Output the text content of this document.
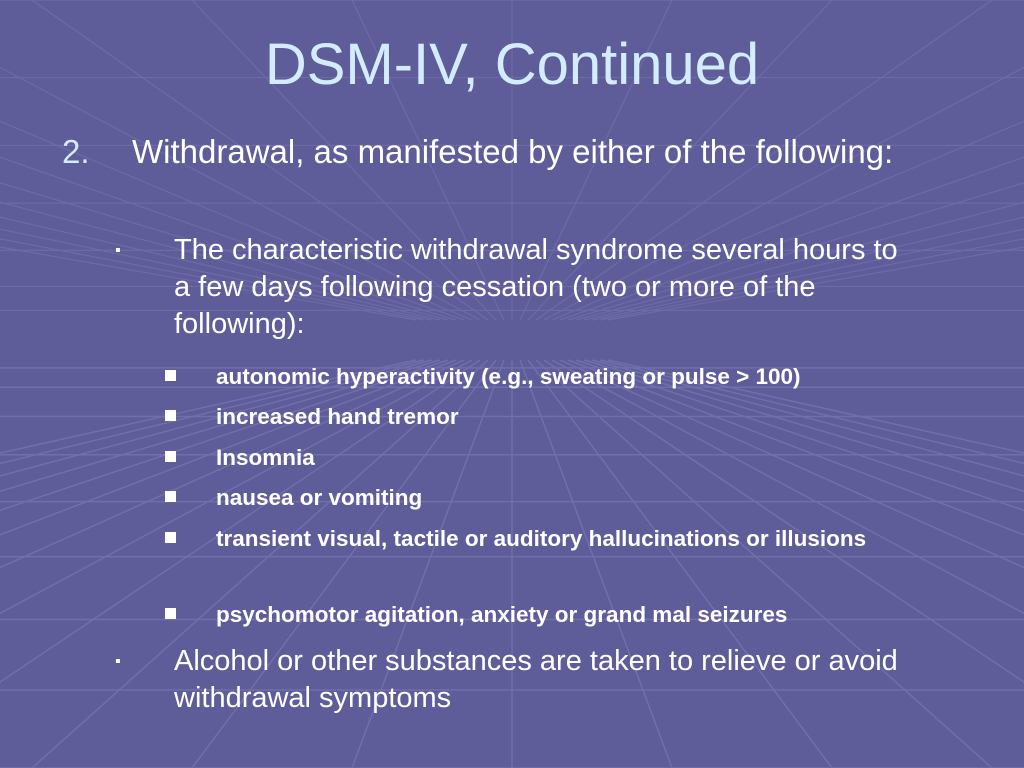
DSM-IV, Continued
2. Withdrawal, as manifested by either of the following:
▪ The characteristic withdrawal syndrome several hours to a few days following cessation (two or more of the following):
autonomic hyperactivity (e.g., sweating or pulse > 100)
increased hand tremor
Insomnia
nausea or vomiting
transient visual, tactile or auditory hallucinations or illusions
psychomotor agitation, anxiety or grand mal seizures
▪ Alcohol or other substances are taken to relieve or avoid withdrawal symptoms
